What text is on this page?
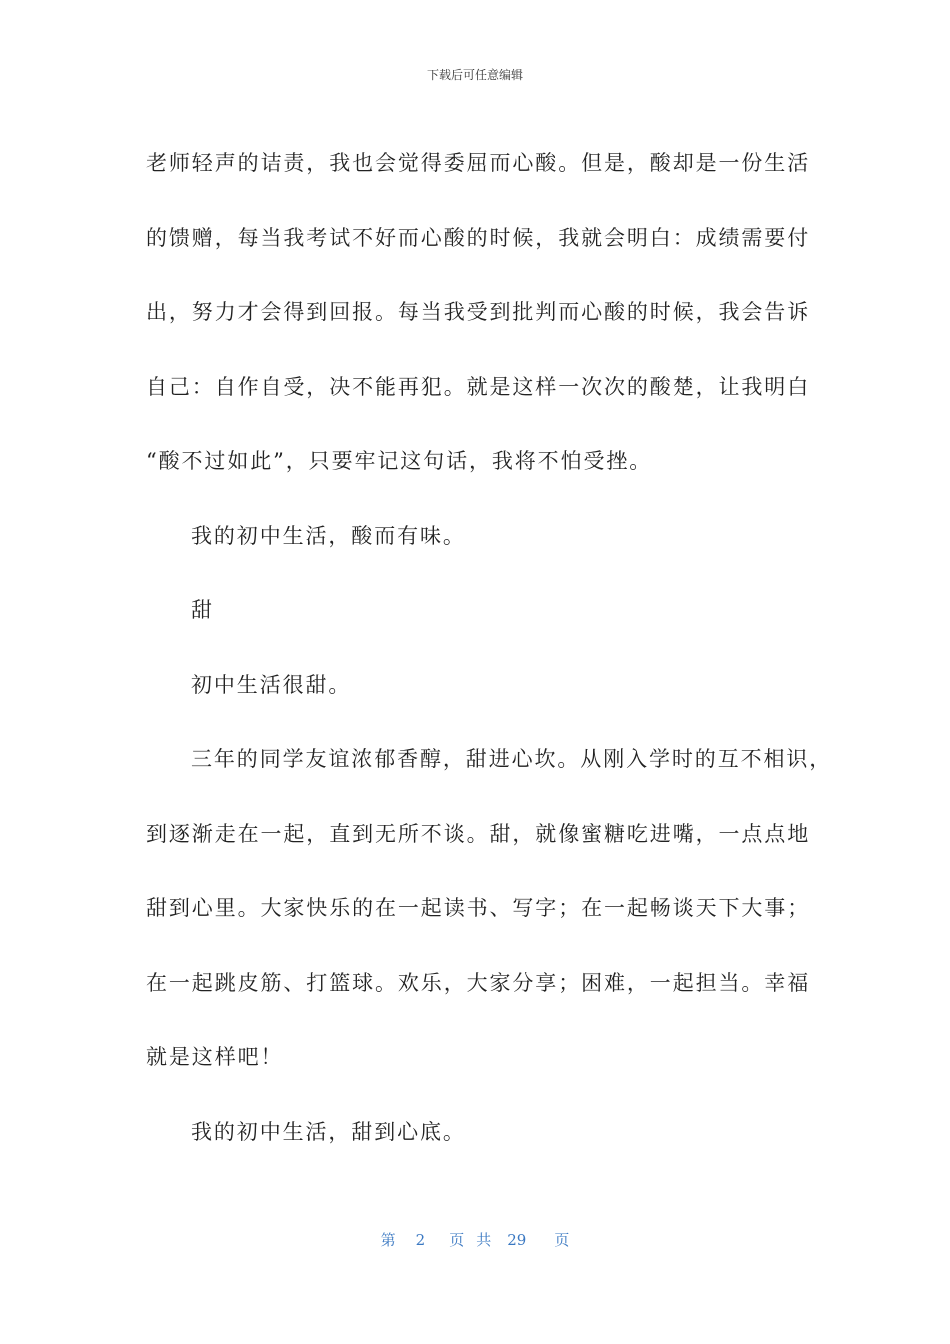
下载后可任意编辑

老师轻声的诘责，我也会觉得委屈而心酸。但是，酸却是一份生活

的馈赠，每当我考试不好而心酸的时候，我就会明白：成绩需要付

出，努力才会得到回报。每当我受到批判而心酸的时候，我会告诉

自己：自作自受，决不能再犯。就是这样一次次的酸楚，让我明白

“酸不过如此”，只要牢记这句话，我将不怕受挫。

我的初中生活，酸而有味。

甜

初中生活很甜。

三年的同学友谊浓郁香醇，甜进心坎。从刚入学时的互不相识，

到逐渐走在一起，直到无所不谈。甜，就像蜜糖吃进嘴，一点点地

甜到心里。大家快乐的在一起读书、写字；在一起畅谈天下大事；

在一起跳皮筋、打篮球。欢乐，大家分享；困难，一起担当。幸福

就是这样吧！

我的初中生活，甜到心底。

第 2 页 共 29 页
